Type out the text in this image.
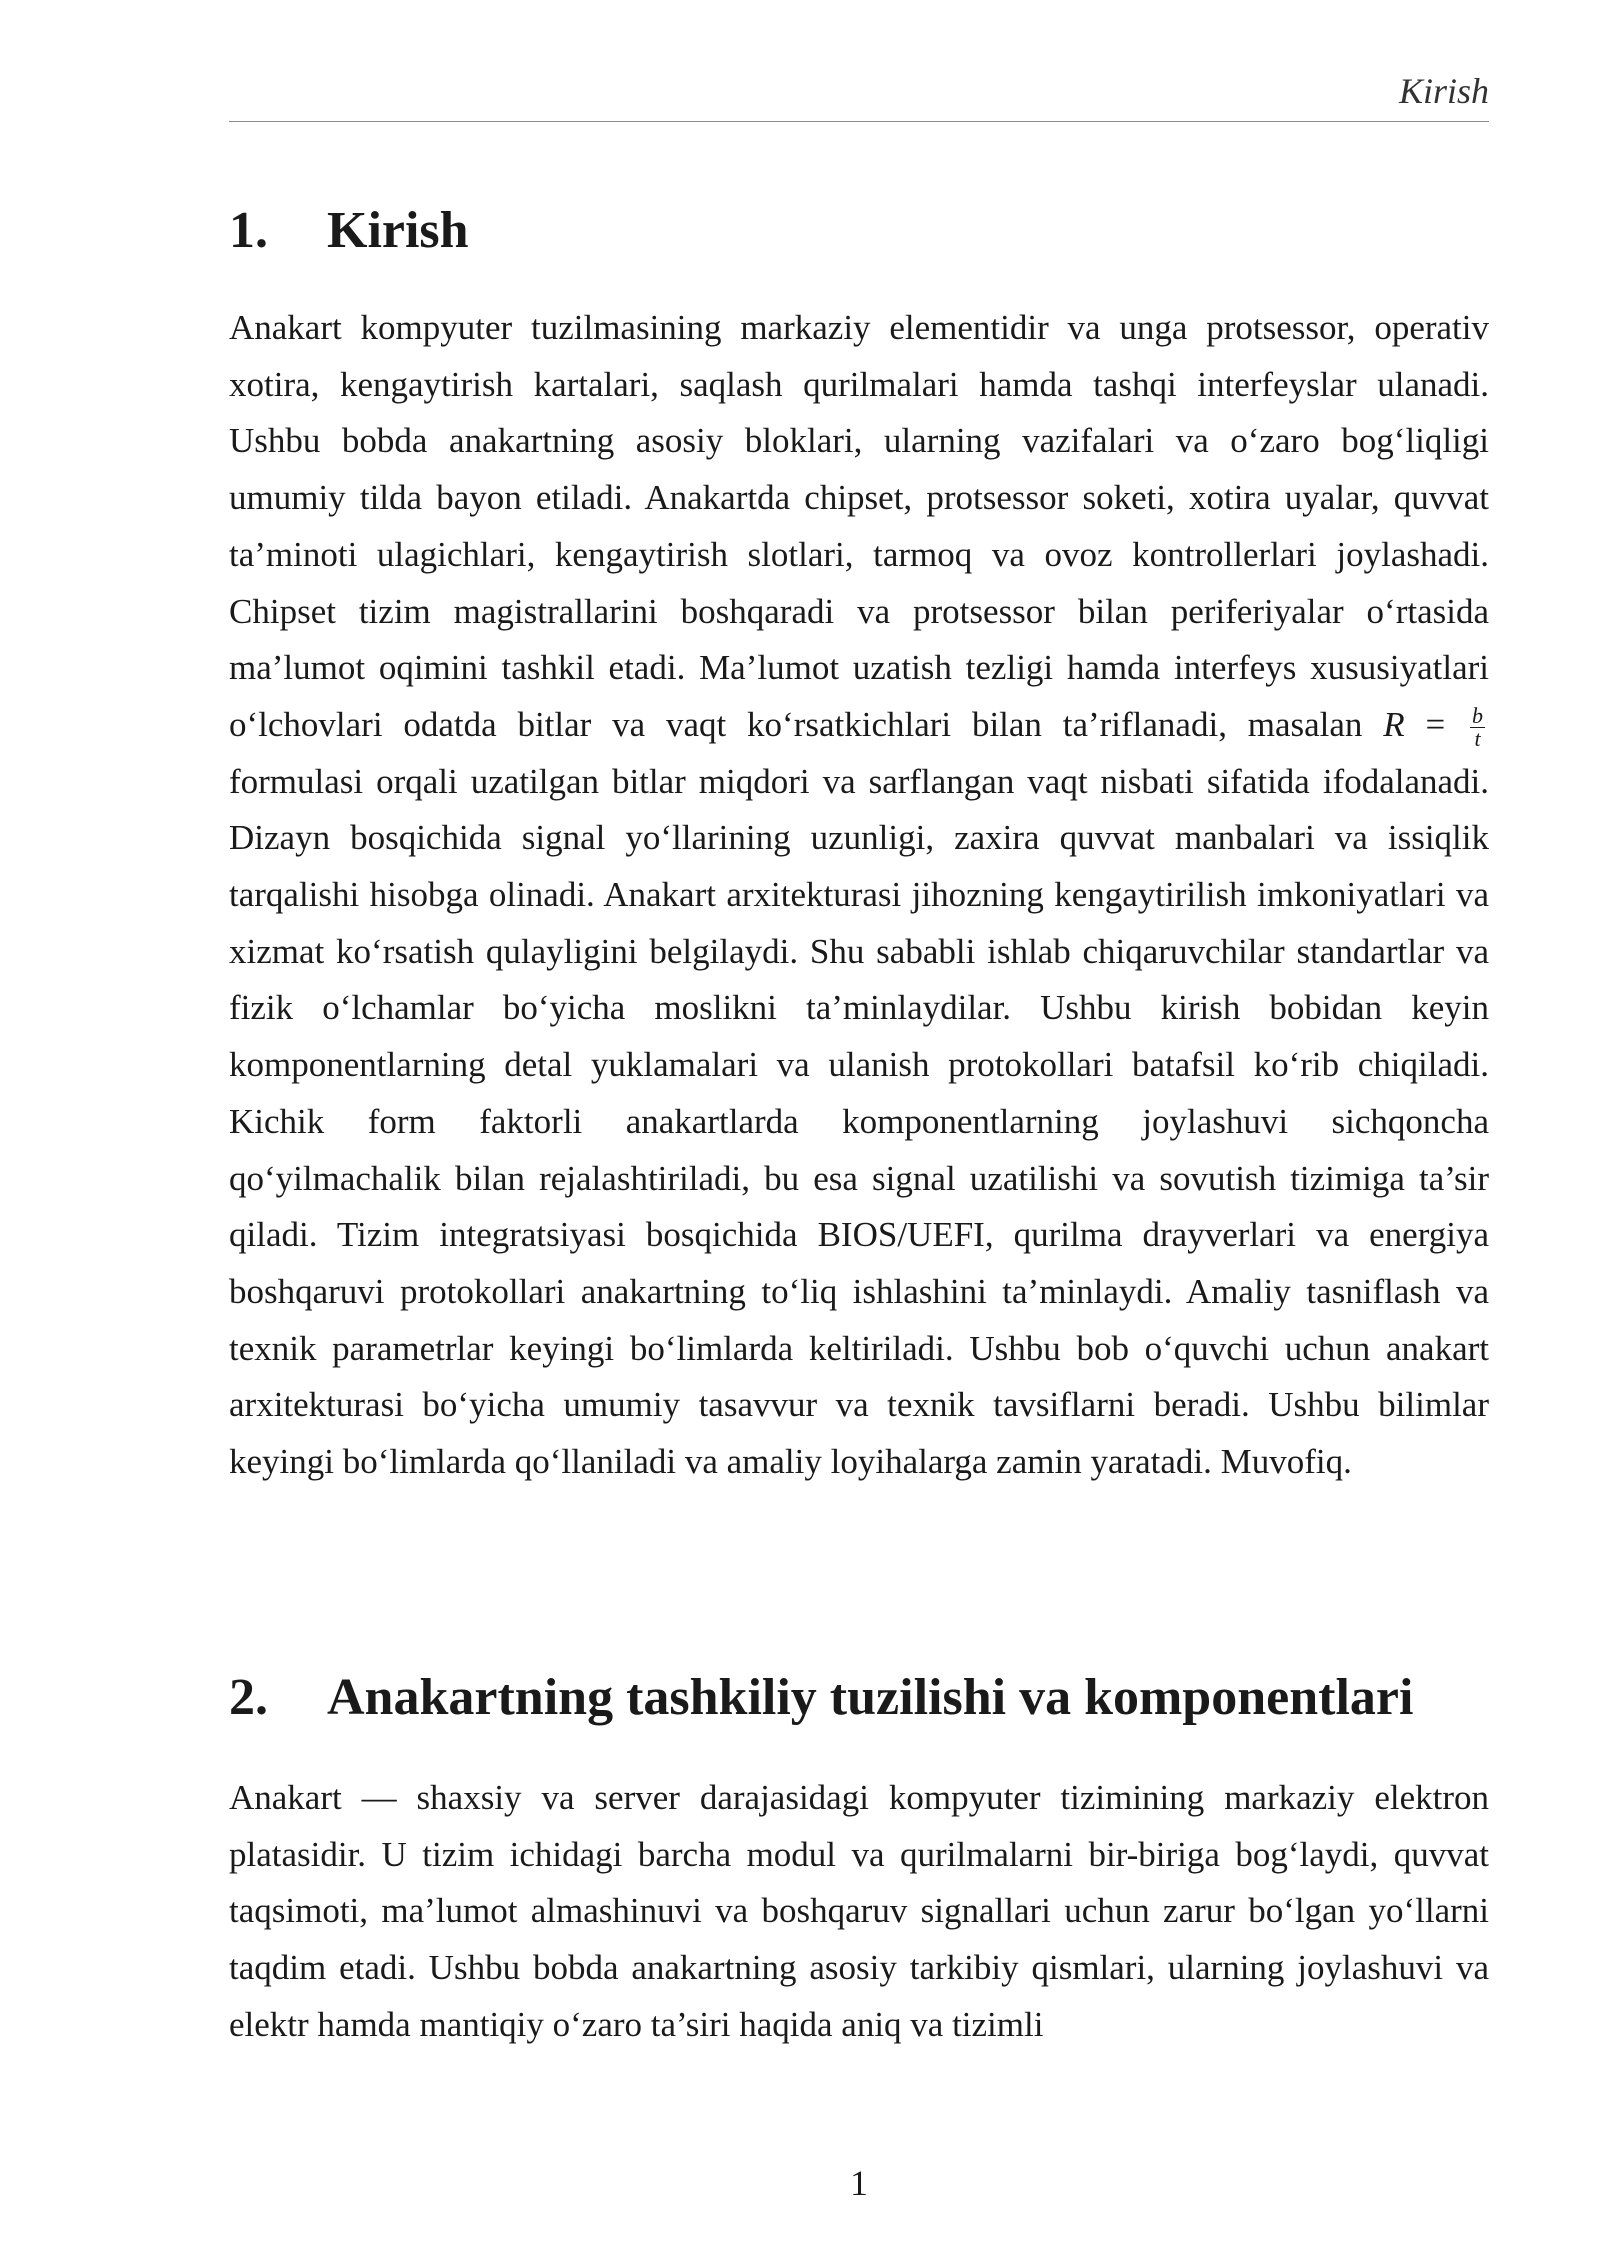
Kirish
1. Kirish

Anakart kompyuter tuzilmasining markaziy elementidir va unga protsessor, operativ xotira, kengaytirish kartalari, saqlash qurilmalari hamda tashqi interfeyslar ulanadi. Ushbu bobda anakartning asosiy bloklari, ularning vazifalari va o‘zaro bog‘liqligi umumiy tilda bayon etiladi. Anakartda chipset, protsessor soketi, xotira uyalar, quvvat ta’minoti ulagichlari, kengaytirish slotlari, tarmoq va ovoz kontrollerlari joylashadi. Chipset tizim magistrallarini boshqaradi va protsessor bilan periferiyalar o‘rtasida ma’lumot oqimini tashkil etadi. Ma’lumot uzatish tezligi hamda interfeys xususiyatlari o‘lchovlari odatda bitlar va vaqt ko‘rsatkichlari bilan ta’riflanadi, masalan $R = \frac{b}{t}$
formulasi orqali uzatilgan bitlar miqdori va sarflangan vaqt nisbati sifatida ifodalanadi. Dizayn bosqichida signal yo‘llarining uzunligi, zaxira quvvat manbalari va issiqlik tarqalishi hisobga olinadi. Anakart arxitekturasi jihozning kengaytirilish imkoniyatlari va xizmat ko‘rsatish qulayligini belgilaydi. Shu sababli ishlab chiqaruvchilar standartlar va fizik o‘lchamlar bo‘yicha moslikni ta’minlaydilar. Ushbu kirish bobidan keyin komponentlarning detal yuklamalari va ulanish protokollari batafsil ko‘rib chiqiladi. Kichik form faktorli anakartlarda komponentlarning joylashuvi sichqoncha qo‘yilmachalik bilan rejalashtiriladi, bu esa signal uzatilishi va sovutish tizimiga ta’sir qiladi. Tizim integratsiyasi bosqichida BIOS/UEFI, qurilma drayverlari va energiya boshqaruvi protokollari anakartning to‘liq ishlashini ta’minlaydi. Amaliy tasniflash va texnik parametrlar keyingi bo‘limlarda keltiriladi. Ushbu bob o‘quvchi uchun anakart arxitekturasi bo‘yicha umumiy tasavvur va texnik tavsiflarni beradi. Ushbu bilimlar keyingi bo‘limlarda qo‘llaniladi va amaliy loyihalarga zamin yaratadi. Muvofiq.

2. Anakartning tashkiliy tuzilishi va komponentlari

Anakart — shaxsiy va server darajasidagi kompyuter tizimining markaziy elektron platasidir. U tizim ichidagi barcha modul va qurilmalarni bir-biriga bog‘laydi, quvvat taqsimoti, ma’lumot almashinuvi va boshqaruv signallari uchun zarur bo‘lgan yo‘llarni taqdim etadi. Ushbu bobda anakartning asosiy tarkibiy qismlari, ularning joylashuvi va elektr hamda mantiqiy o‘zaro ta’siri haqida aniq va tizimli

1
